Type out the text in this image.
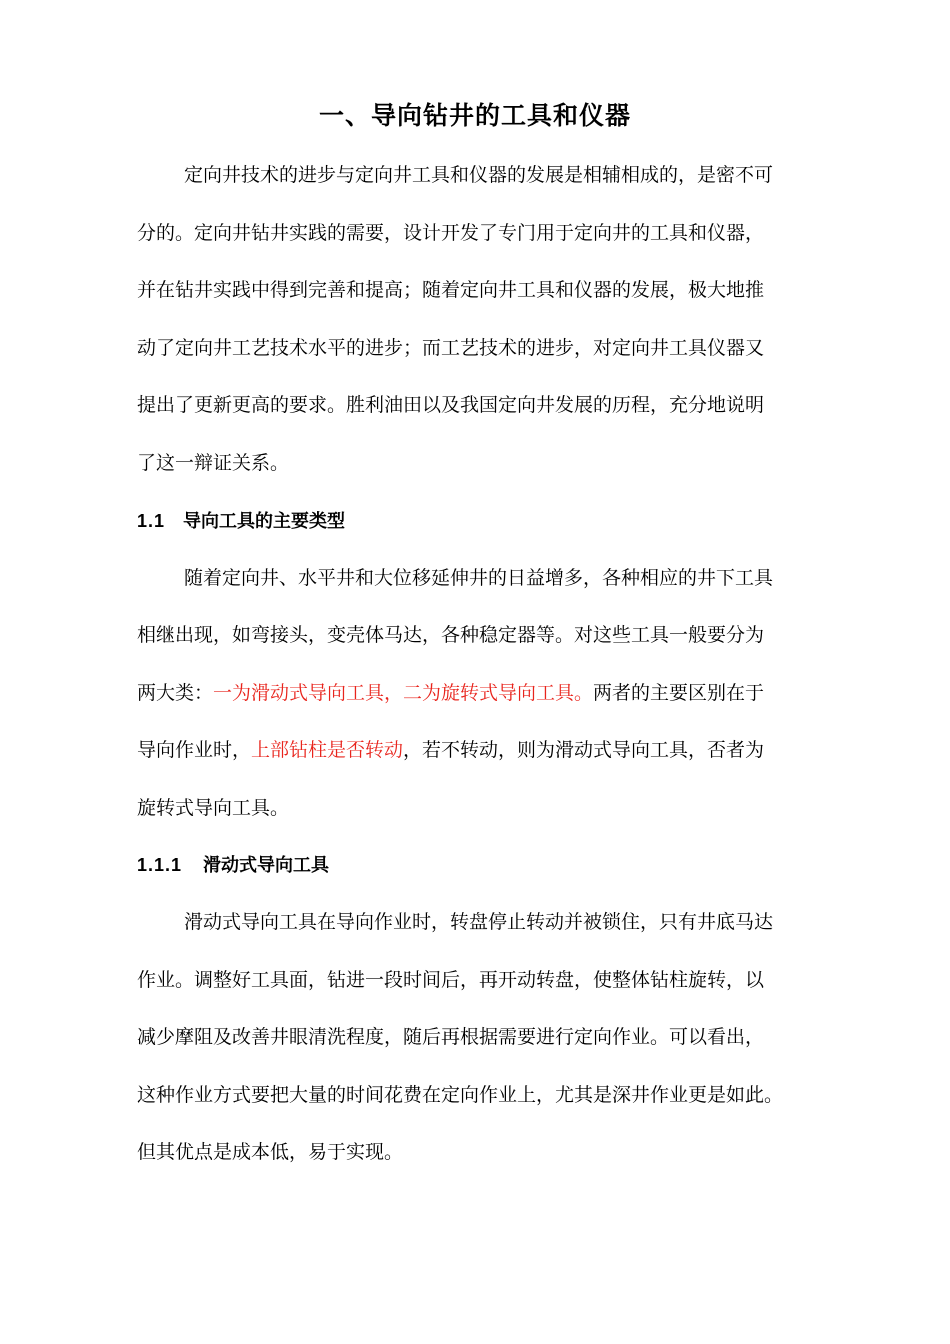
一、导向钻井的工具和仪器

定向井技术的进步与定向井工具和仪器的发展是相辅相成的，是密不可

分的。定向井钻井实践的需要，设计开发了专门用于定向井的工具和仪器，

并在钻井实践中得到完善和提高；随着定向井工具和仪器的发展，极大地推

动了定向井工艺技术水平的进步；而工艺技术的进步，对定向井工具仪器又

提出了更新更高的要求。胜利油田以及我国定向井发展的历程，充分地说明

了这一辩证关系。

1.1 导向工具的主要类型

随着定向井、水平井和大位移延伸井的日益增多，各种相应的井下工具

相继出现，如弯接头，变壳体马达，各种稳定器等。对这些工具一般要分为

两大类：一为滑动式导向工具，二为旋转式导向工具。两者的主要区别在于

导向作业时，上部钻柱是否转动，若不转动，则为滑动式导向工具，否者为

旋转式导向工具。

1.1.1 滑动式导向工具

滑动式导向工具在导向作业时，转盘停止转动并被锁住，只有井底马达

作业。调整好工具面，钻进一段时间后，再开动转盘，使整体钻柱旋转，以

减少摩阻及改善井眼清洗程度，随后再根据需要进行定向作业。可以看出，

这种作业方式要把大量的时间花费在定向作业上，尤其是深井作业更是如此。

但其优点是成本低，易于实现。
